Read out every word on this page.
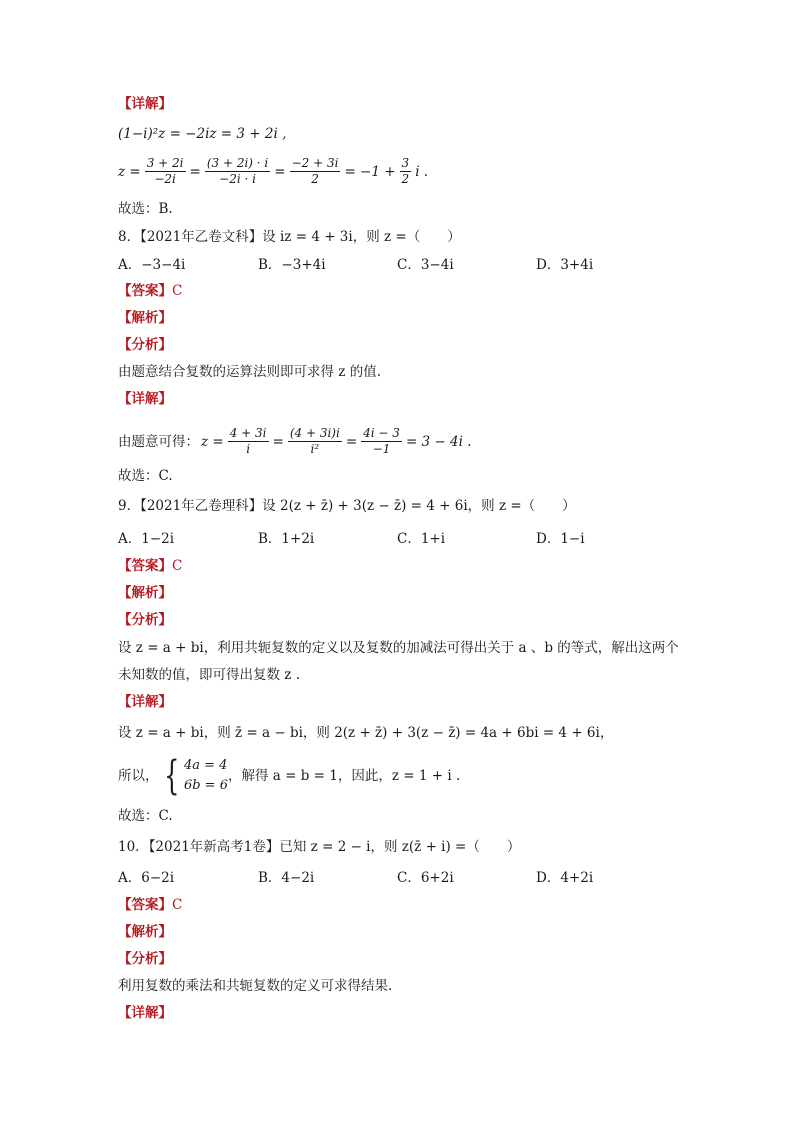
【详解】
(1−i)²z = −2iz = 3 + 2i ,
$z = \frac{3 + 2i}{-2i} = \frac{(3 + 2i) \cdot i}{-2i \cdot i} = \frac{-2 + 3i}{2} = -1 + \frac{3}{2}$ i .
故选：B.
8．【2021年乙卷文科】设 iz = 4 + 3i，则 z =（　　）
A．−3−4i	B．−3+4i	C．3−4i	D．3+4i
【答案】C
【解析】
【分析】
由题意结合复数的运算法则即可求得 z 的值.
【详解】
由题意可得： $z = \frac{4 + 3i}{i} = \frac{(4 + 3i)i}{\text{i²}} = \frac{4i - 3}{-1} = 3 - 4i$ .
故选：C.
9．【2021年乙卷理科】设 2(z + z̄) + 3(z − z̄) = 4 + 6i，则 z =（　　）
A．1−2i	B．1+2i	C．1+i	D．1−i
【答案】C
【解析】
【分析】
设 z = a + bi，利用共轭复数的定义以及复数的加减法可得出关于 a 、b 的等式，解出这两个
未知数的值，即可得出复数 z .
【详解】
设 z = a + bi，则 z̄ = a − bi，则 2(z + z̄) + 3(z − z̄) = 4a + 6bi = 4 + 6i，
所以， { 4a = 4
6b = 6
，解得 a = b = 1，因此，z = 1 + i .
故选：C.
10．【2021年新高考1卷】已知 z = 2 − i，则 z(z̄ + i) =（　　）
A．6−2i	B．4−2i	C．6+2i	D．4+2i
【答案】C
【解析】
【分析】
利用复数的乘法和共轭复数的定义可求得结果.
【详解】
